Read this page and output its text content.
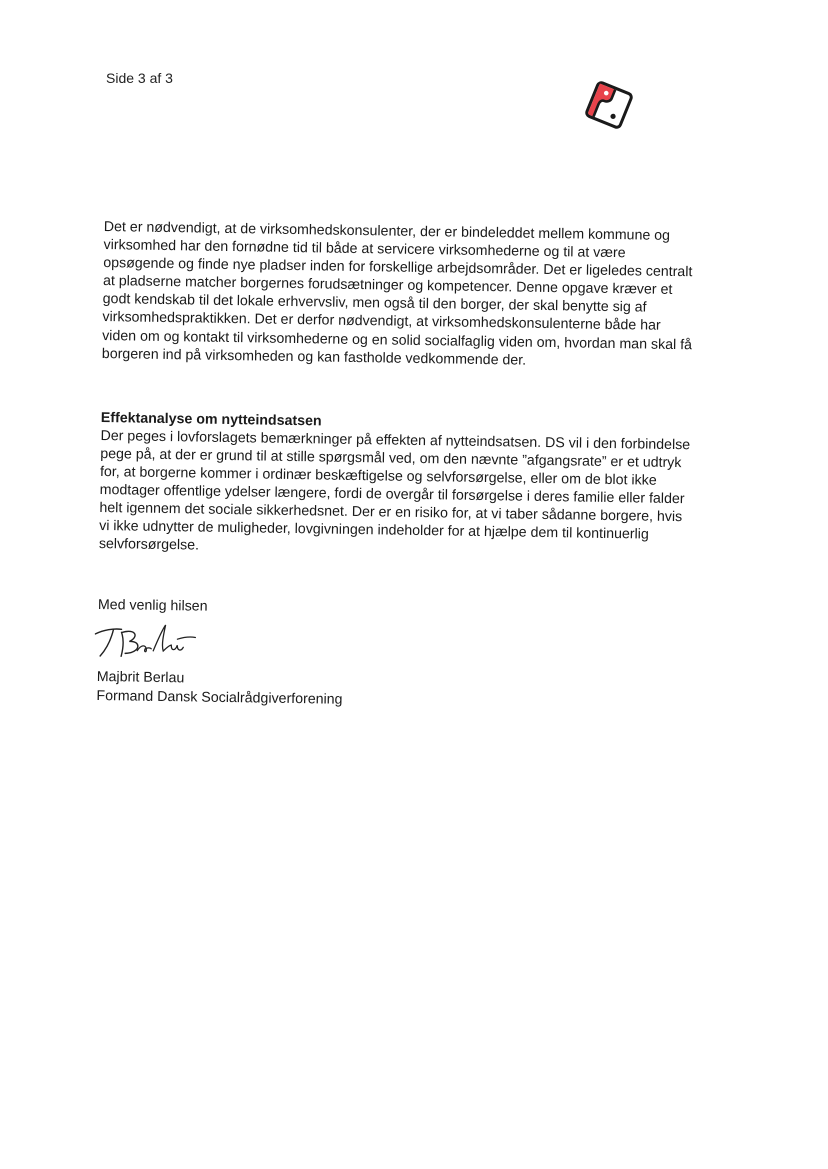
Side 3 af 3

Det er nødvendigt, at de virksomhedskonsulenter, der er bindeleddet mellem kommune og virksomhed har den fornødne tid til både at servicere virksomhederne og til at være opsøgende og finde nye pladser inden for forskellige arbejdsområder. Det er ligeledes centralt at pladserne matcher borgernes forudsætninger og kompetencer. Denne opgave kræver et godt kendskab til det lokale erhvervsliv, men også til den borger, der skal benytte sig af virksomhedspraktikken. Det er derfor nødvendigt, at virksomhedskonsulenterne både har viden om og kontakt til virksomhederne og en solid socialfaglig viden om, hvordan man skal få borgeren ind på virksomheden og kan fastholde vedkommende der.

Effektanalyse om nytteindsatsen

Der peges i lovforslagets bemærkninger på effekten af nytteindsatsen. DS vil i den forbindelse pege på, at der er grund til at stille spørgsmål ved, om den nævnte ”afgangsrate” er et udtryk for, at borgerne kommer i ordinær beskæftigelse og selvforsørgelse, eller om de blot ikke modtager offentlige ydelser længere, fordi de overgår til forsørgelse i deres familie eller falder helt igennem det sociale sikkerhedsnet. Der er en risiko for, at vi taber sådanne borgere, hvis vi ikke udnytter de muligheder, lovgivningen indeholder for at hjælpe dem til kontinuerlig selvforsørgelse.

Med venlig hilsen

Majbrit Berlau

Formand Dansk Socialrådgiverforening
